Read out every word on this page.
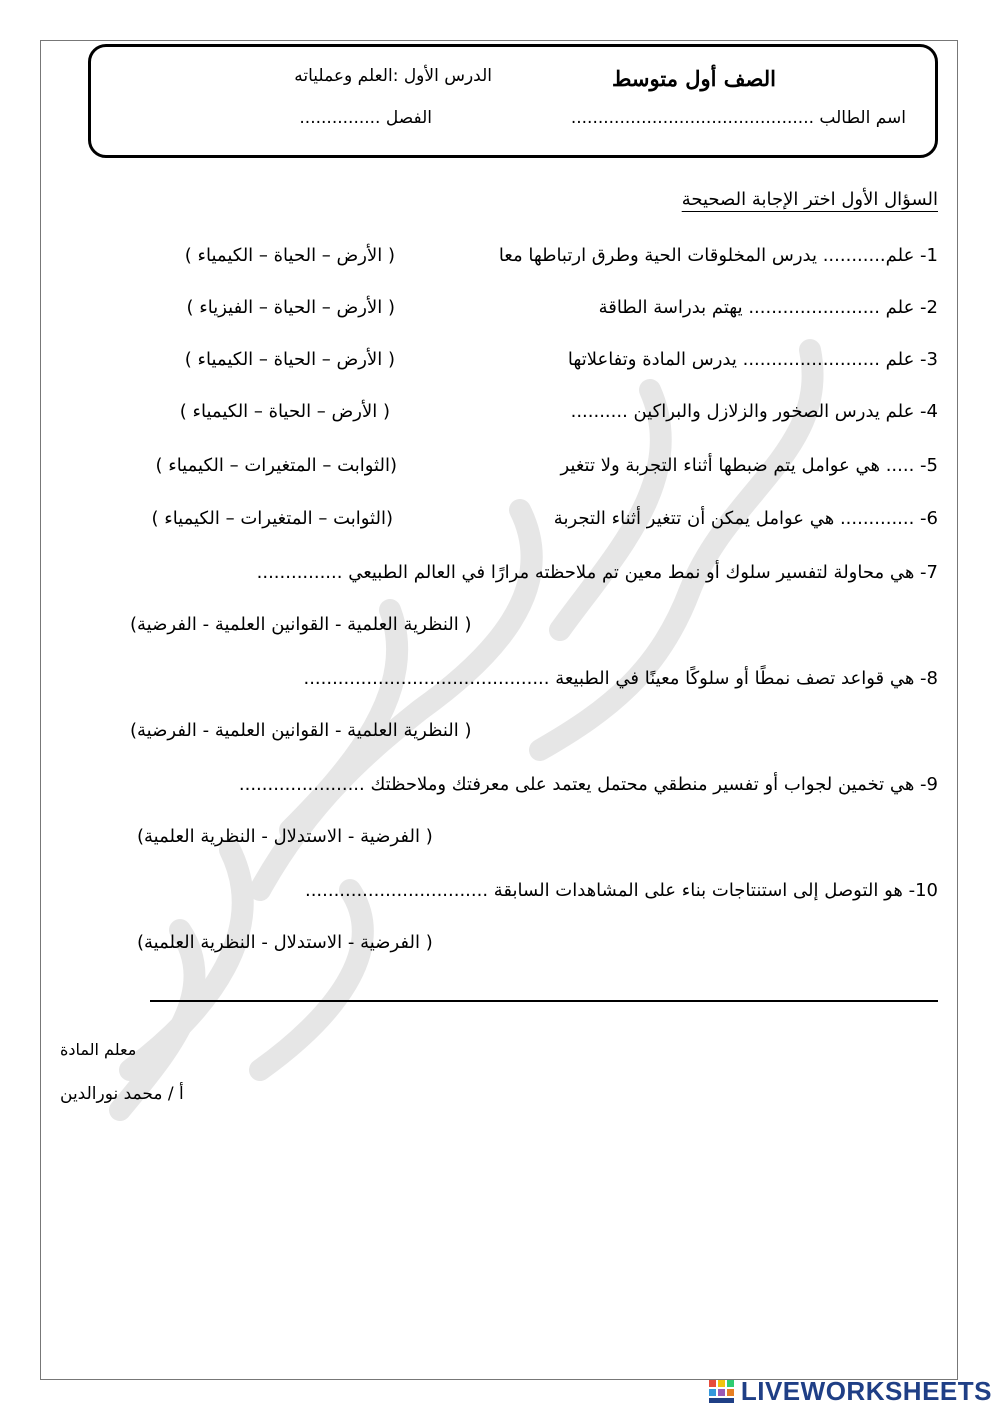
الصف أول متوسط
الدرس الأول :العلم وعملياته
اسم الطالب .............................................
الفصل ...............
السؤال الأول اختر الإجابة الصحيحة
1- علم........... يدرس المخلوقات الحية وطرق ارتباطها معا
( الأرض – الحياة – الكيمياء )
2- علم ....................... يهتم بدراسة الطاقة
( الأرض – الحياة – الفيزياء )
3- علم ........................ يدرس المادة وتفاعلاتها
( الأرض – الحياة – الكيمياء )
4- علم يدرس الصخور والزلازل والبراكين ..........
( الأرض – الحياة – الكيمياء )
5- ..... هي عوامل يتم ضبطها أثناء التجربة ولا تتغير
(الثوابت – المتغيرات – الكيمياء )
6- ............. هي عوامل يمكن أن تتغير أثناء التجربة
(الثوابت – المتغيرات – الكيمياء )
7- هي محاولة لتفسير سلوك أو نمط معين تم ملاحظته مرارًا في العالم الطبيعي ...............
( النظرية العلمية - القوانين العلمية - الفرضية)
8- هي قواعد تصف نمطًا أو سلوكًا معينًا في الطبيعة ...........................................
( النظرية العلمية - القوانين العلمية - الفرضية)
9- هي تخمين لجواب أو تفسير منطقي محتمل يعتمد على معرفتك وملاحظتك ......................
( الفرضية - الاستدلال - النظرية العلمية)
10- هو التوصل إلى استنتاجات بناء على المشاهدات السابقة ................................
( الفرضية - الاستدلال - النظرية العلمية)
معلم المادة
أ / محمد نورالدين
LIVEWORKSHEETS
